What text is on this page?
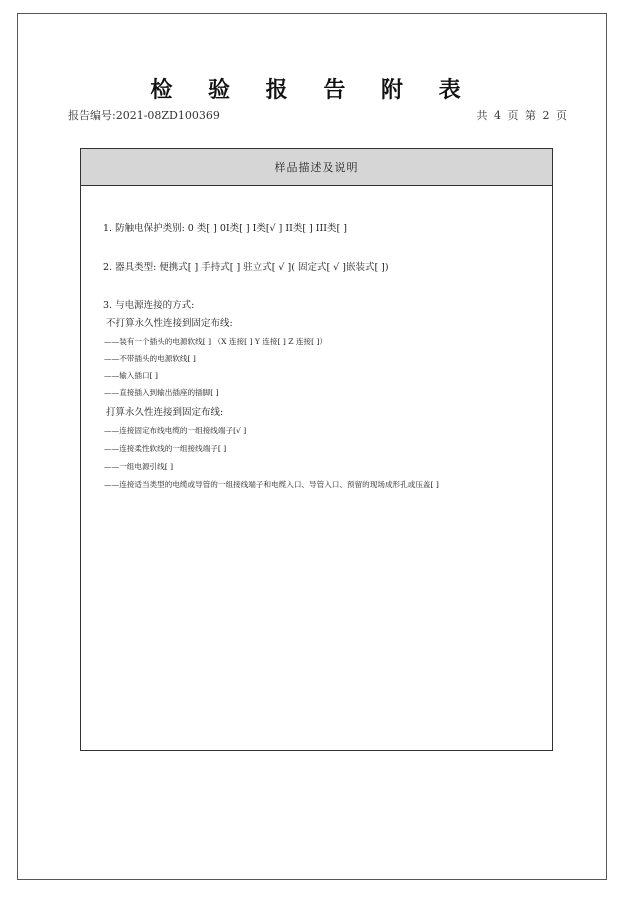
检 验 报 告 附 表
报告编号:2021-08ZD100369	共 4 页 第 2 页
样品描述及说明
1. 防触电保护类别: 0 类[ ] 0I类[ ] I类[√ ] II类[ ] III类[ ]
2. 器具类型: 便携式[ ] 手持式[ ] 驻立式[ √ ]( 固定式[ √ ]嵌装式[ ])
3. 与电源连接的方式:
不打算永久性连接到固定布线:
——装有一个插头的电源软线[ ] （X 连接[ ] Y 连接[ ] Z 连接[ ]）
——不带插头的电源软线[ ]
——输入插口[ ]
——直接插入到输出插座的插脚[ ]
打算永久性连接到固定布线:
——连接固定布线电缆的一组接线端子[√ ]
——连接柔性软线的一组接线端子[ ]
——一组电源引线[ ]
——连接适当类型的电缆或导管的一组接线端子和电缆入口、导管入口、预留的现场成形孔或压盖[ ]
